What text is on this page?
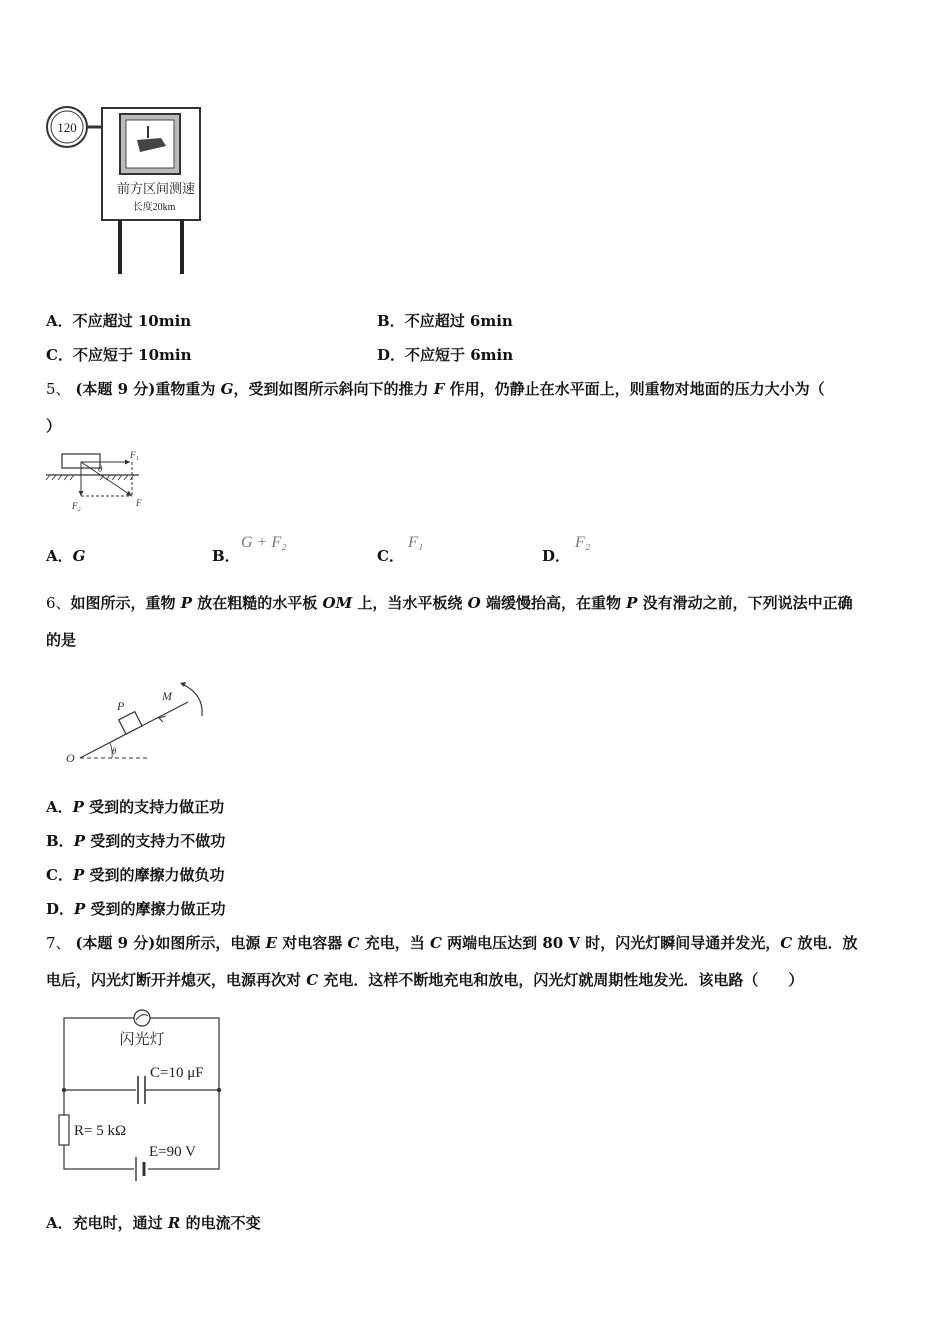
120
前方区间测速
长度20km
A．不应超过 10min	B．不应超过 6min
C．不应短于 10min	D．不应短于 6min
5、 (本题 9 分)重物重为 G，受到如图所示斜向下的推力 F 作用，仍静止在水平面上，则重物对地面的压力大小为（
）
θ
F₁
F₂	F
A．G	B．
G + F₂
C．
F₁
D．
F₂
6、如图所示，重物 P 放在粗糙的水平板 OM 上，当水平板绕 O 端缓慢抬高，在重物 P 没有滑动之前，下列说法中正确
的是
O
P
M
θ
A．P 受到的支持力做正功
B．P 受到的支持力不做功
C．P 受到的摩擦力做负功
D．P 受到的摩擦力做正功
7、 (本题 9 分)如图所示，电源 E 对电容器 C 充电，当 C 两端电压达到 80 V 时，闪光灯瞬间导通并发光，C 放电．放
电后，闪光灯断开并熄灭，电源再次对 C 充电．这样不断地充电和放电，闪光灯就周期性地发光．该电路（　　）
闪光灯
C=10 μF
R= 5 kΩ
E=90 V
A．充电时，通过 R 的电流不变
